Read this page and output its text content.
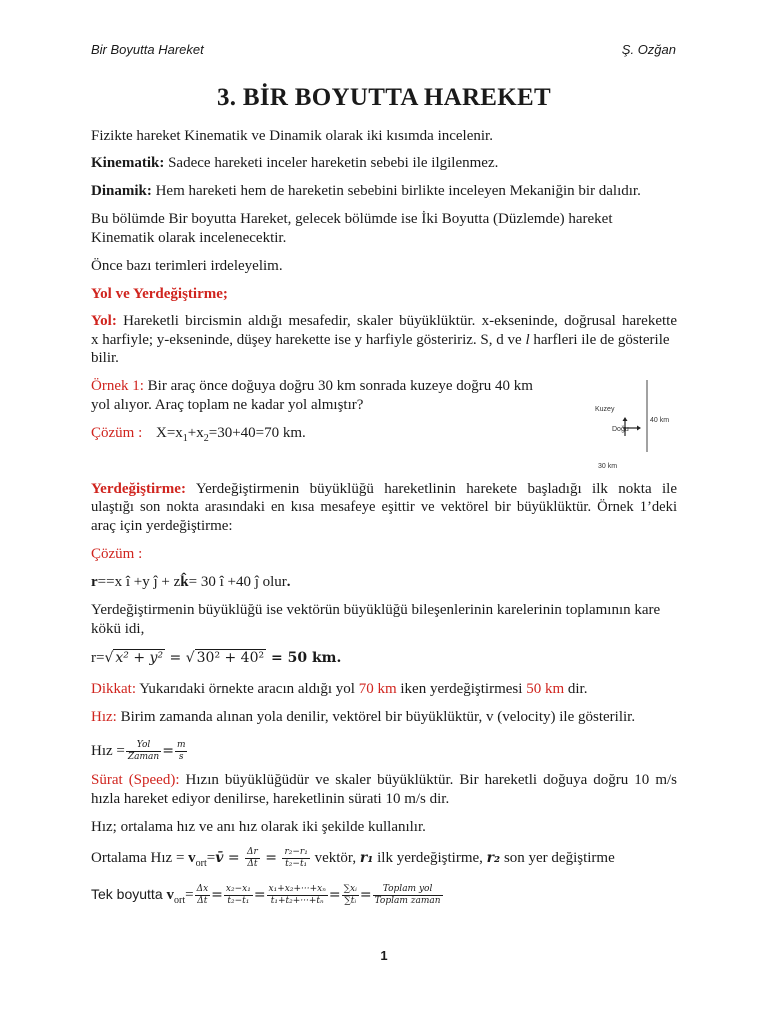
Bir Boyutta Hareket	Ş. Ozğan
3. BİR BOYUTTA HAREKET
Fizikte hareket Kinematik ve Dinamik olarak iki kısımda incelenir.
Kinematik: Sadece hareketi inceler hareketin sebebi ile ilgilenmez.
Dinamik: Hem hareketi hem de hareketin sebebini birlikte inceleyen Mekaniğin bir dalıdır.
Bu bölümde Bir boyutta Hareket, gelecek bölümde ise İki Boyutta (Düzlemde) hareket
Kinematik olarak incelenecektir.
Önce bazı terimleri irdeleyelim.
Yol ve Yerdeğiştirme;
Yol: Hareketli bircismin aldığı mesafedir, skaler büyüklüktür. x-ekseninde, doğrusal harekette
x harfiyle; y-ekseninde, düşey harekette ise y harfiyle gösteririz. S, d ve l harfleri ile de gösterile
bilir.
Örnek 1: Bir araç önce doğuya doğru 30 km sonrada kuzeye doğru 40 km
yol alıyor. Araç toplam ne kadar yol almıştır?
Çözüm : $X=x_1+x_2=30+40=70$ km.
Kuzey
Doğu
40 km
30 km
Yerdeğiştirme: Yerdeğiştirmenin büyüklüğü hareketlinin harekete başladığı ilk nokta ile
ulaştığı son nokta arasındaki en kısa mesafeye eşittir ve vektörel bir büyüklüktür. Örnek 1’deki
araç için yerdeğiştirme:
Çözüm :
r==x î +y ĵ + zk̂= 30 î +40 ĵ olur.
Yerdeğiştirmenin büyüklüğü ise vektörün büyüklüğü bileşenlerinin karelerinin toplamının kare
kökü idi,
r=√ x² + y² = √ 30² + 40² = 50 km.
Dikkat: Yukarıdaki örnekte aracın aldığı yol 70 km iken yerdeğiştirmesi 50 km dir.
Hız: Birim zamanda alınan yola denilir, vektörel bir büyüklüktür, v (velocity) ile gösterilir.
Hız = $\frac{\text{Yol}}{\text{Zaman}} = \frac{m}{s}$
Sürat (Speed): Hızın büyüklüğüdür ve skaler büyüklüktür. Bir hareketli doğuya doğru 10 m/s
hızla hareket ediyor denilirse, hareketlinin sürati 10 m/s dir.
Hız; ortalama hız ve anı hız olarak iki şekilde kullanılır.
Ortalama Hız = $v_{ort}=v̄ = \frac{\Delta r}{\Delta t} = \frac{\text{r₂−r₁}}{\text{t₂−t₁}}$ vektör, r₁ ilk yerdeğiştirme, r₂ son yer değiştirme
Tek boyutta $v_{ort}= \frac{\Delta x}{\Delta t} = \frac{\text{x₂−x₁}}{\text{t₂−t₁}} = \frac{\text{x₁+x₂+···+xₙ}}{\text{t₁+t₂+···+tₙ}} = \frac{\text{∑xᵢ}}{\text{∑tᵢ}} = \frac{\text{Toplam yol}}{\text{Toplam zaman}}$
1
